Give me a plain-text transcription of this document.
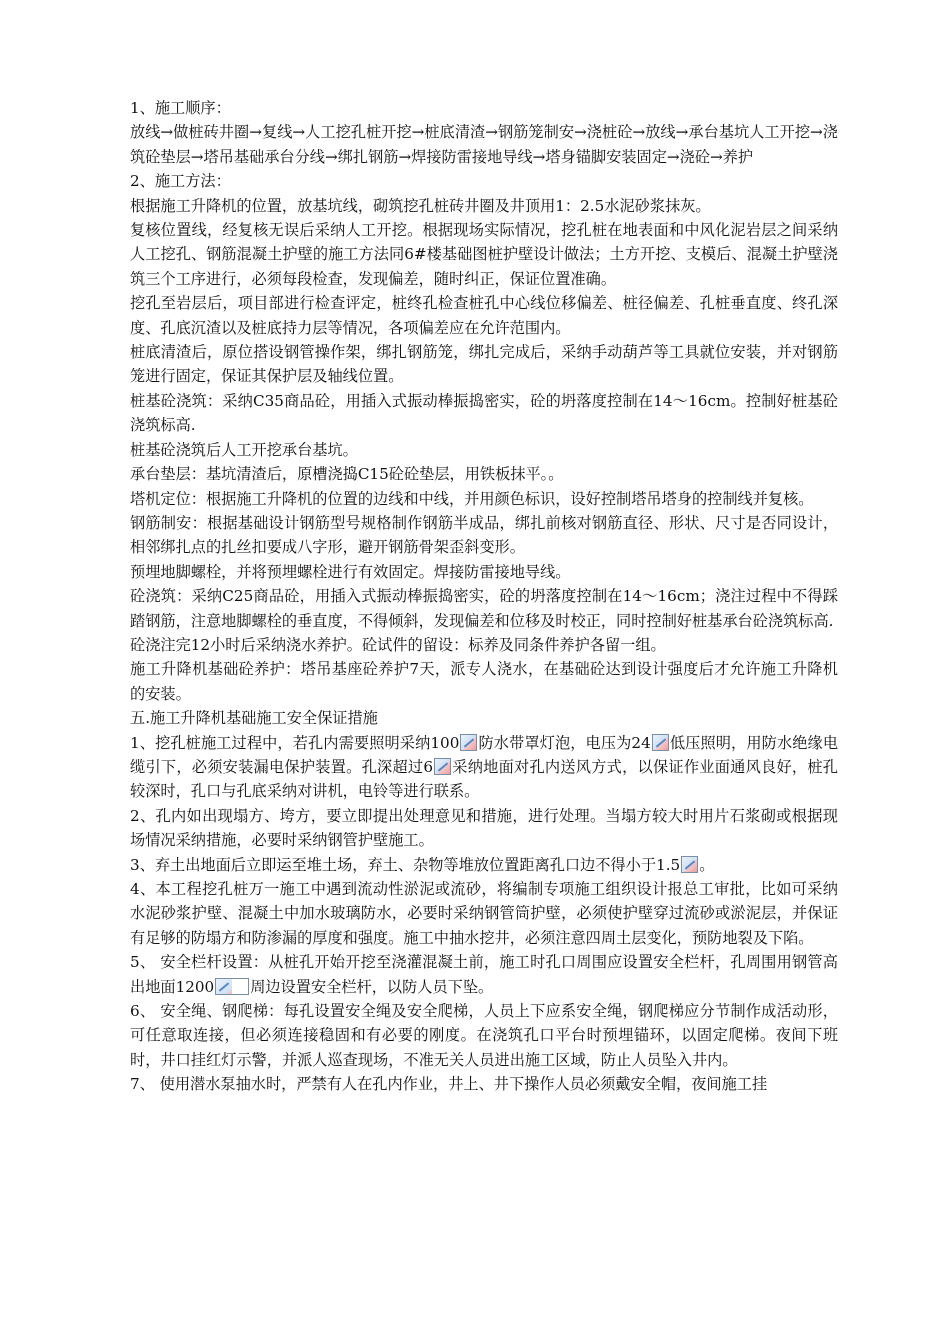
1、施工顺序：

放线→做桩砖井圈→复线→人工挖孔桩开挖→桩底清渣→钢筋笼制安→浇桩砼→放线→承台基坑人工开挖→浇筑砼垫层→塔吊基础承台分线→绑扎钢筋→焊接防雷接地导线→塔身锚脚安装固定→浇砼→养护

2、施工方法：

根据施工升降机的位置，放基坑线，砌筑挖孔桩砖井圈及井顶用1：2.5水泥砂浆抹灰。

复核位置线，经复核无误后采纳人工开挖。根据现场实际情况，挖孔桩在地表面和中风化泥岩层之间采纳人工挖孔、钢筋混凝土护壁的施工方法同6#楼基础图桩护壁设计做法；土方开挖、支模后、混凝土护壁浇筑三个工序进行，必须每段检查，发现偏差，随时纠正，保证位置准确。

挖孔至岩层后，项目部进行检查评定，桩终孔检查桩孔中心线位移偏差、桩径偏差、孔桩垂直度、终孔深度、孔底沉渣以及桩底持力层等情况，各项偏差应在允许范围内。

桩底清渣后，原位搭设钢管操作架，绑扎钢筋笼，绑扎完成后，采纳手动葫芦等工具就位安装，并对钢筋笼进行固定，保证其保护层及轴线位置。

桩基砼浇筑：采纳C35商品砼，用插入式振动棒振捣密实，砼的坍落度控制在14～16cm。控制好桩基砼浇筑标高.

桩基砼浇筑后人工开挖承台基坑。

承台垫层：基坑清渣后，原槽浇捣C15砼砼垫层，用铁板抹平。。

塔机定位：根据施工升降机的位置的边线和中线，并用颜色标识，设好控制塔吊塔身的控制线并复核。

钢筋制安：根据基础设计钢筋型号规格制作钢筋半成品，绑扎前核对钢筋直径、形状、尺寸是否同设计，相邻绑扎点的扎丝扣要成八字形，避开钢筋骨架歪斜变形。

预埋地脚螺栓，并将预埋螺栓进行有效固定。焊接防雷接地导线。

砼浇筑：采纳C25商品砼，用插入式振动棒振捣密实，砼的坍落度控制在14～16cm；浇注过程中不得踩踏钢筋，注意地脚螺栓的垂直度，不得倾斜，发现偏差和位移及时校正，同时控制好桩基承台砼浇筑标高.

砼浇注完12小时后采纳浇水养护。砼试件的留设：标养及同条件养护各留一组。

施工升降机基础砼养护：塔吊基座砼养护7天，派专人浇水，在基础砼达到设计强度后才允许施工升降机的安装。

五.施工升降机基础施工安全保证措施

1、挖孔桩施工过程中，若孔内需要照明采纳100 防水带罩灯泡，电压为24 低压照明，用防水绝缘电缆引下，必须安装漏电保护装置。孔深超过6 采纳地面对孔内送风方式，以保证作业面通风良好，桩孔较深时，孔口与孔底采纳对讲机，电铃等进行联系。

2、孔内如出现塌方、垮方，要立即提出处理意见和措施，进行处理。当塌方较大时用片石浆砌或根据现场情况采纳措施，必要时采纳钢管护壁施工。

3、弃土出地面后立即运至堆土场，弃土、杂物等堆放位置距离孔口边不得小于1.5 。

4、本工程挖孔桩万一施工中遇到流动性淤泥或流砂，将编制专项施工组织设计报总工审批，比如可采纳水泥砂浆护壁、混凝土中加水玻璃防水，必要时采纳钢管筒护壁，必须使护壁穿过流砂或淤泥层，并保证有足够的防塌方和防渗漏的厚度和强度。施工中抽水挖井，必须注意四周土层变化，预防地裂及下陷。

5、 安全栏杆设置：从桩孔开始开挖至浇灌混凝土前，施工时孔口周围应设置安全栏杆，孔周围用钢管高出地面1200 周边设置安全栏杆，以防人员下坠。

6、 安全绳、钢爬梯：每孔设置安全绳及安全爬梯，人员上下应系安全绳，钢爬梯应分节制作成活动形，可任意取连接，但必须连接稳固和有必要的刚度。在浇筑孔口平台时预埋锚环，以固定爬梯。夜间下班时，井口挂红灯示警，并派人巡查现场，不准无关人员进出施工区域，防止人员坠入井内。

7、 使用潜水泵抽水时，严禁有人在孔内作业，井上、井下操作人员必须戴安全帽，夜间施工挂
